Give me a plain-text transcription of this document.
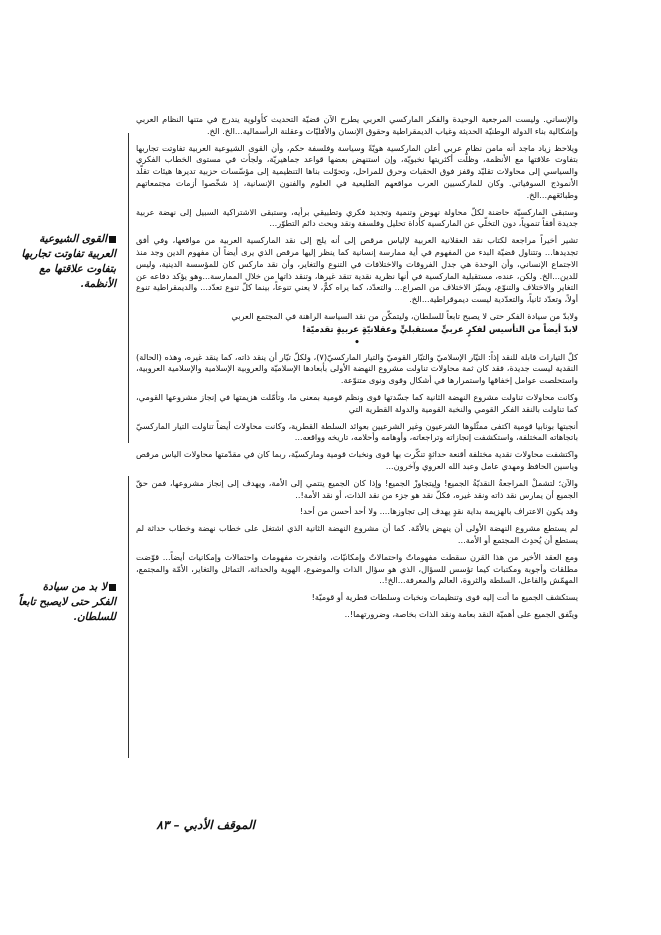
والإنساني. وليست المرجعية الوحيدة والفكر الماركسي العربي يطرح الآن قضيّة التحديث كأولوية يندرج في متنها النظام العربي وإشكالية بناء الدولة الوطنيّة الحديثة وغياب الديمقراطية وحقوق الإنسان والأقليّات وعقلنة الرأسمالية...الخ. الخ.

ويلاحظ زياد ماجد أنه مامن نظام عربي أعلن الماركسية هويّةً وسياسة وفلسفة حكم، وأن القوى الشيوعية العربية تفاوتت تجاربها بتفاوت علاقتها مع الأنظمة، وظلّت أكثريتها نخبويّة، وإن استنهض بعضها قواعد جماهيريّة، ولجأت في مستوى الخطاب الفكري والسياسي إلى محاولات تقليّد وقفز فوق الحقبات وحرق للمراحل، وتحوّلت بناها التنظيمية إلى مؤسّسات حزبية تديرها هيئات تقلّد الأنموذج السوفياتي. وكان للماركسيين العرب مواقعهم الطليعية في العلوم والفنون الإنسانية، إذ شخّصوا أزمات مجتمعاتهم وطبائعَهم...الخ.

وستبقى الماركسيّة حاضنة لكلّ محاولة نهوض وتنمية وتجديد فكري وتطبيقي برأيه، وستبقى الاشتراكية السبيل إلى نهضة عربية جديدة أفقاً تنموياً، دون التخلّي عن الماركسية كأداة تحليل وفلسفة ونقد وبحث دائم التطوّر...

تشير أخيراً مراجعة لكتاب نقد العقلانية العربية لإلياس مرقص إلى أنه يلج إلى نقد الماركسية العربية من مواقعها، وفي أفق تجديدها... وتتناول قضيّة البدء من المفهوم في أية ممارسة إنسانية كما ينظر إليها مرقص الذي يرى أيضاً أن مفهوم الدين وجد منذ الاجتماع الإنساني، وأن الوحدة هي جدل الفروقات والاختلافات في التنوع والتغاير، وأن نقد ماركس كان للمؤسسة الدينية، وليس للدين...الخ. ولكن، عنده، مستقبلية الماركسية في أنها نظرية نقدية تنقد غيرها، وتنقد ذاتها من خلال الممارسة...وهو يؤكد دفاعه عن التغاير والاختلاف والتنوّع، ويميّز الاختلاف من الصراع... والتعدّد، كما يراه كمٌّ، لا يعني تنوعاً، بينما كلّ تنوع تعدّد... والديمقراطية تنوع أولاً، وتعدّد ثانياً، والتعدّدية ليست ديموقراطية...الخ.

ولابدّ من سيادة الفكر حتى لا يصبح تابعاً للسلطان، وليتمكّن من نقد السياسة الراهنة في المجتمع العربي

لابدّ أيضاً من التأسيس لفكرٍ عربيٍّ مستقبليٍّ وعقلانيّةٍ عربيةٍ تقدميّة!

•

كلّ التيارات قابلة للنقد إذاً: التيّار الإسلاميّ والتيّار القوميّ والتيار الماركسيّ(٧)، ولكلّ تيّار أن ينقد ذاته، كما ينقد غيره، وهذه (الحالة) النقدية ليست جديدة، فقد كان ثمة محاولات تناولت مشروع النهضة الأولى بأبعادها الإسلاميّة والعروبية الإسلامية والإسلامية العروبية، واستحلصت عوامل إخفاقها واستمرارها في أشكال وقوى ونوى متنوّعة.

وكانت محاولات تناولت مشروع النهضة الثانية كما جسّدتها قوى ونظم قومية بمعنى ما، وتأمّلت هزيمتها في إنجاز مشروعها القومي، كما تناولت بالنقد الفكر القومي والنخبة القومية والدولة القطرية التي

أنجبتها بونابيا قومية اكتفى ممثّلوها الشرعيون وغير الشرعيين بعوائد السلطة القطرية، وكانت محاولات أيضاً تناولت التيار الماركسيّ باتجاهاته المختلفة، واستكشفت إنجازاته وتراجعاته، وأوهامه وأحلامه، تاريخه وواقعه...

واكتشفت محاولات نقدية مختلفة أقنعة حداثةٍ تنكّرت بها قوى ونخبات قومية وماركسيّة، ربما كان في مقدّمتها محاولات الياس مرقص وياسين الحافظ ومهدي عامل وعبد الله العروي وآخرون...

والآن؛ لتشملْ المراجعةُ النقديّةُ الجميع! ولِيتجاوزْ الجميع! وإذا كان الجميع ينتمي إلى الأمة، ويهدف إلى إنجاز مشروعها، فمن حقّ الجميع أن يمارس نقد ذاته ونقد غيره، فكلّ نقد هو جزء من نقد الذات، أو نقد الأمة!..

وقد يكون الاعتراف بالهزيمة بداية نقدٍ يهدف إلى تجاوزها.... ولا أحد أحسن من أحد!

لم يستطع مشروع النهضة الأولى أن ينهض بالأمّة. كما أن مشروع النهضة الثانية الذي اشتغل على خطاب نهضة وخطاب حداثة لم يستطع أن يُحدِث المجتمع أو الأمة...

ومع العقد الأخير من هذا القرن سقطت مفهوماتٌ واحتمالاتٌ وإمكانيّات، وانفجرت مفهومات واحتمالات وإمكانيات أيضاً... قوّضت مطلقات وأجوبة ومكتبات كيما تؤسس للسؤال، الذي هو سؤال الذات والموضوع، الهوية والحداثة، التماثل والتغاير، الأمّة والمجتمع، المهمّش والفاعل، السلطة والثروة، العالم والمعرفة...الخ!..

يستكشف الجميع ما أتت إليه قوى وتنظيمات ونخبات وسلطات قطرية أو قوميّة!

ويتّفق الجميع على أهميّة النقد بعامة ونقد الذات بخاصة، وضرورتهما!..

القوى الشيوعية العربية تفاوتت تجاربها بتفاوت علاقتها مع الأنظمة.
لا بد من سيادة الفكر حتى لايصبح تابعاً للسلطان.
الموقف الأدبي – ٨٣
